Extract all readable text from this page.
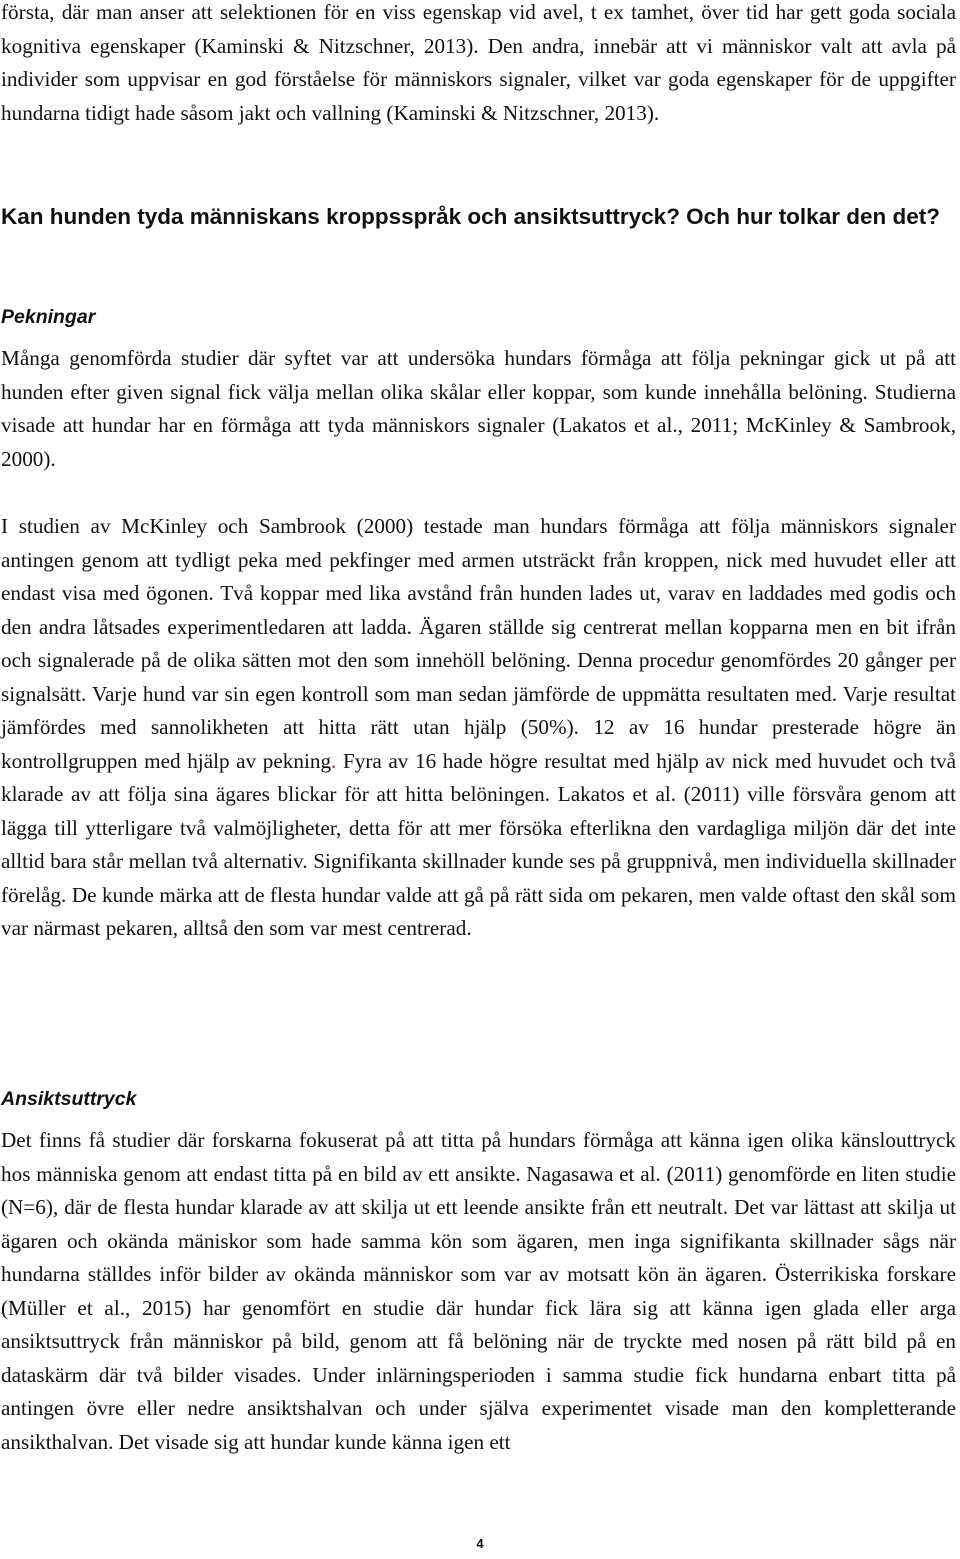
första, där man anser att selektionen för en viss egenskap vid avel, t ex tamhet, över tid har gett goda sociala kognitiva egenskaper (Kaminski & Nitzschner, 2013). Den andra, innebär att vi människor valt att avla på individer som uppvisar en god förståelse för människors signaler, vilket var goda egenskaper för de uppgifter hundarna tidigt hade såsom jakt och vallning (Kaminski & Nitzschner, 2013).

Kan hunden tyda människans kroppsspråk och ansiktsuttryck? Och hur tolkar den det?
Pekningar

Många genomförda studier där syftet var att undersöka hundars förmåga att följa pekningar gick ut på att hunden efter given signal fick välja mellan olika skålar eller koppar, som kunde innehålla belöning. Studierna visade att hundar har en förmåga att tyda människors signaler (Lakatos et al., 2011; McKinley & Sambrook, 2000).

I studien av McKinley och Sambrook (2000) testade man hundars förmåga att följa människors signaler antingen genom att tydligt peka med pekfinger med armen utsträckt från kroppen, nick med huvudet eller att endast visa med ögonen. Två koppar med lika avstånd från hunden lades ut, varav en laddades med godis och den andra låtsades experimentledaren att ladda. Ägaren ställde sig centrerat mellan kopparna men en bit ifrån och signalerade på de olika sätten mot den som innehöll belöning. Denna procedur genomfördes 20 gånger per signalsätt. Varje hund var sin egen kontroll som man sedan jämförde de uppmätta resultaten med. Varje resultat jämfördes med sannolikheten att hitta rätt utan hjälp (50%). 12 av 16 hundar presterade högre än kontrollgruppen med hjälp av pekning. Fyra av 16 hade högre resultat med hjälp av nick med huvudet och två klarade av att följa sina ägares blickar för att hitta belöningen. Lakatos et al. (2011) ville försvåra genom att lägga till ytterligare två valmöjligheter, detta för att mer försöka efterlikna den vardagliga miljön där det inte alltid bara står mellan två alternativ. Signifikanta skillnader kunde ses på gruppnivå, men individuella skillnader förelåg. De kunde märka att de flesta hundar valde att gå på rätt sida om pekaren, men valde oftast den skål som var närmast pekaren, alltså den som var mest centrerad.

Ansiktsuttryck

Det finns få studier där forskarna fokuserat på att titta på hundars förmåga att känna igen olika känslouttryck hos människa genom att endast titta på en bild av ett ansikte. Nagasawa et al. (2011) genomförde en liten studie (N=6), där de flesta hundar klarade av att skilja ut ett leende ansikte från ett neutralt. Det var lättast att skilja ut ägaren och okända mäniskor som hade samma kön som ägaren, men inga signifikanta skillnader sågs när hundarna ställdes inför bilder av okända människor som var av motsatt kön än ägaren. Österrikiska forskare (Müller et al., 2015) har genomfört en studie där hundar fick lära sig att känna igen glada eller arga ansiktsuttryck från människor på bild, genom att få belöning när de tryckte med nosen på rätt bild på en dataskärm där två bilder visades. Under inlärningsperioden i samma studie fick hundarna enbart titta på antingen övre eller nedre ansiktshalvan och under själva experimentet visade man den kompletterande ansikthalvan. Det visade sig att hundar kunde känna igen ett

4
